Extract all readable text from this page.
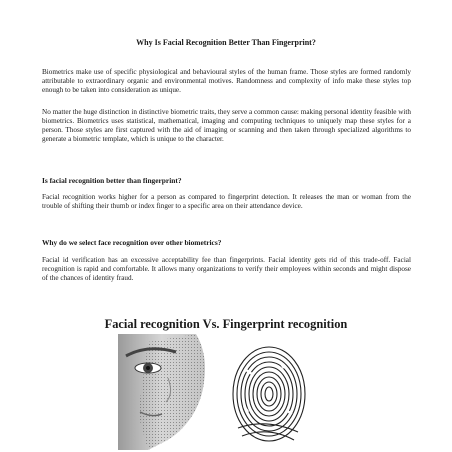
Why Is Facial Recognition Better Than Fingerprint?

Biometrics make use of specific physiological and behavioural styles of the human frame. Those styles are formed randomly attributable to extraordinary organic and environmental motives. Randomness and complexity of info make these styles top enough to be taken into consideration as unique.

No matter the huge distinction in distinctive biometric traits, they serve a common cause: making personal identity feasible with biometrics. Biometrics uses statistical, mathematical, imaging and computing techniques to uniquely map these styles for a person. Those styles are first captured with the aid of imaging or scanning and then taken through specialized algorithms to generate a biometric template, which is unique to the character.

Is facial recognition better than fingerprint?

Facial recognition works higher for a person as compared to fingerprint detection. It releases the man or woman from the trouble of shifting their thumb or index finger to a specific area on their attendance device.

Why do we select face recognition over other biometrics?

Facial id verification has an excessive acceptability fee than fingerprints. Facial identity gets rid of this trade-off. Facial recognition is rapid and comfortable. It allows many organizations to verify their employees within seconds and might dispose of the chances of identity fraud.

Facial recognition Vs. Fingerprint recognition
